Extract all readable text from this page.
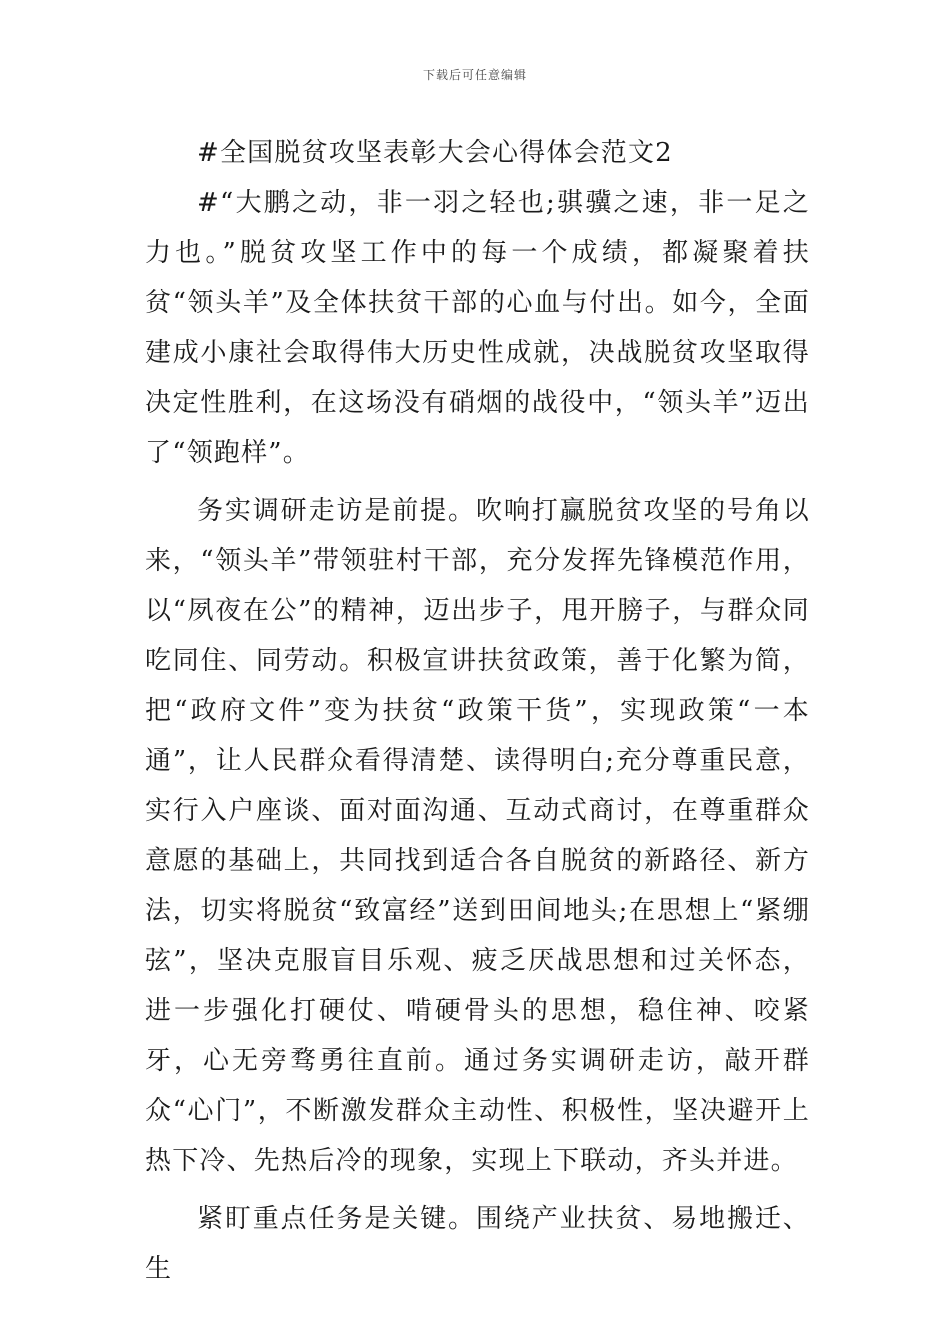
下载后可任意编辑

#全国脱贫攻坚表彰大会心得体会范文2

#“大鹏之动，非一羽之轻也;骐骥之速，非一足之力也。”脱贫攻坚工作中的每一个成绩，都凝聚着扶贫“领头羊”及全体扶贫干部的心血与付出。如今，全面建成小康社会取得伟大历史性成就，决战脱贫攻坚取得决定性胜利，在这场没有硝烟的战役中，“领头羊”迈出了“领跑样”。

务实调研走访是前提。吹响打赢脱贫攻坚的号角以来，“领头羊”带领驻村干部，充分发挥先锋模范作用，以“夙夜在公”的精神，迈出步子，甩开膀子，与群众同吃同住、同劳动。积极宣讲扶贫政策，善于化繁为简，把“政府文件”变为扶贫“政策干货”，实现政策“一本通”，让人民群众看得清楚、读得明白;充分尊重民意，实行入户座谈、面对面沟通、互动式商讨，在尊重群众意愿的基础上，共同找到适合各自脱贫的新路径、新方法，切实将脱贫“致富经”送到田间地头;在思想上“紧绷弦”，坚决克服盲目乐观、疲乏厌战思想和过关怀态，进一步强化打硬仗、啃硬骨头的思想，稳住神、咬紧牙，心无旁骛勇往直前。通过务实调研走访，敲开群众“心门”，不断激发群众主动性、积极性，坚决避开上热下冷、先热后冷的现象，实现上下联动，齐头并进。

紧盯重点任务是关键。围绕产业扶贫、易地搬迁、生
